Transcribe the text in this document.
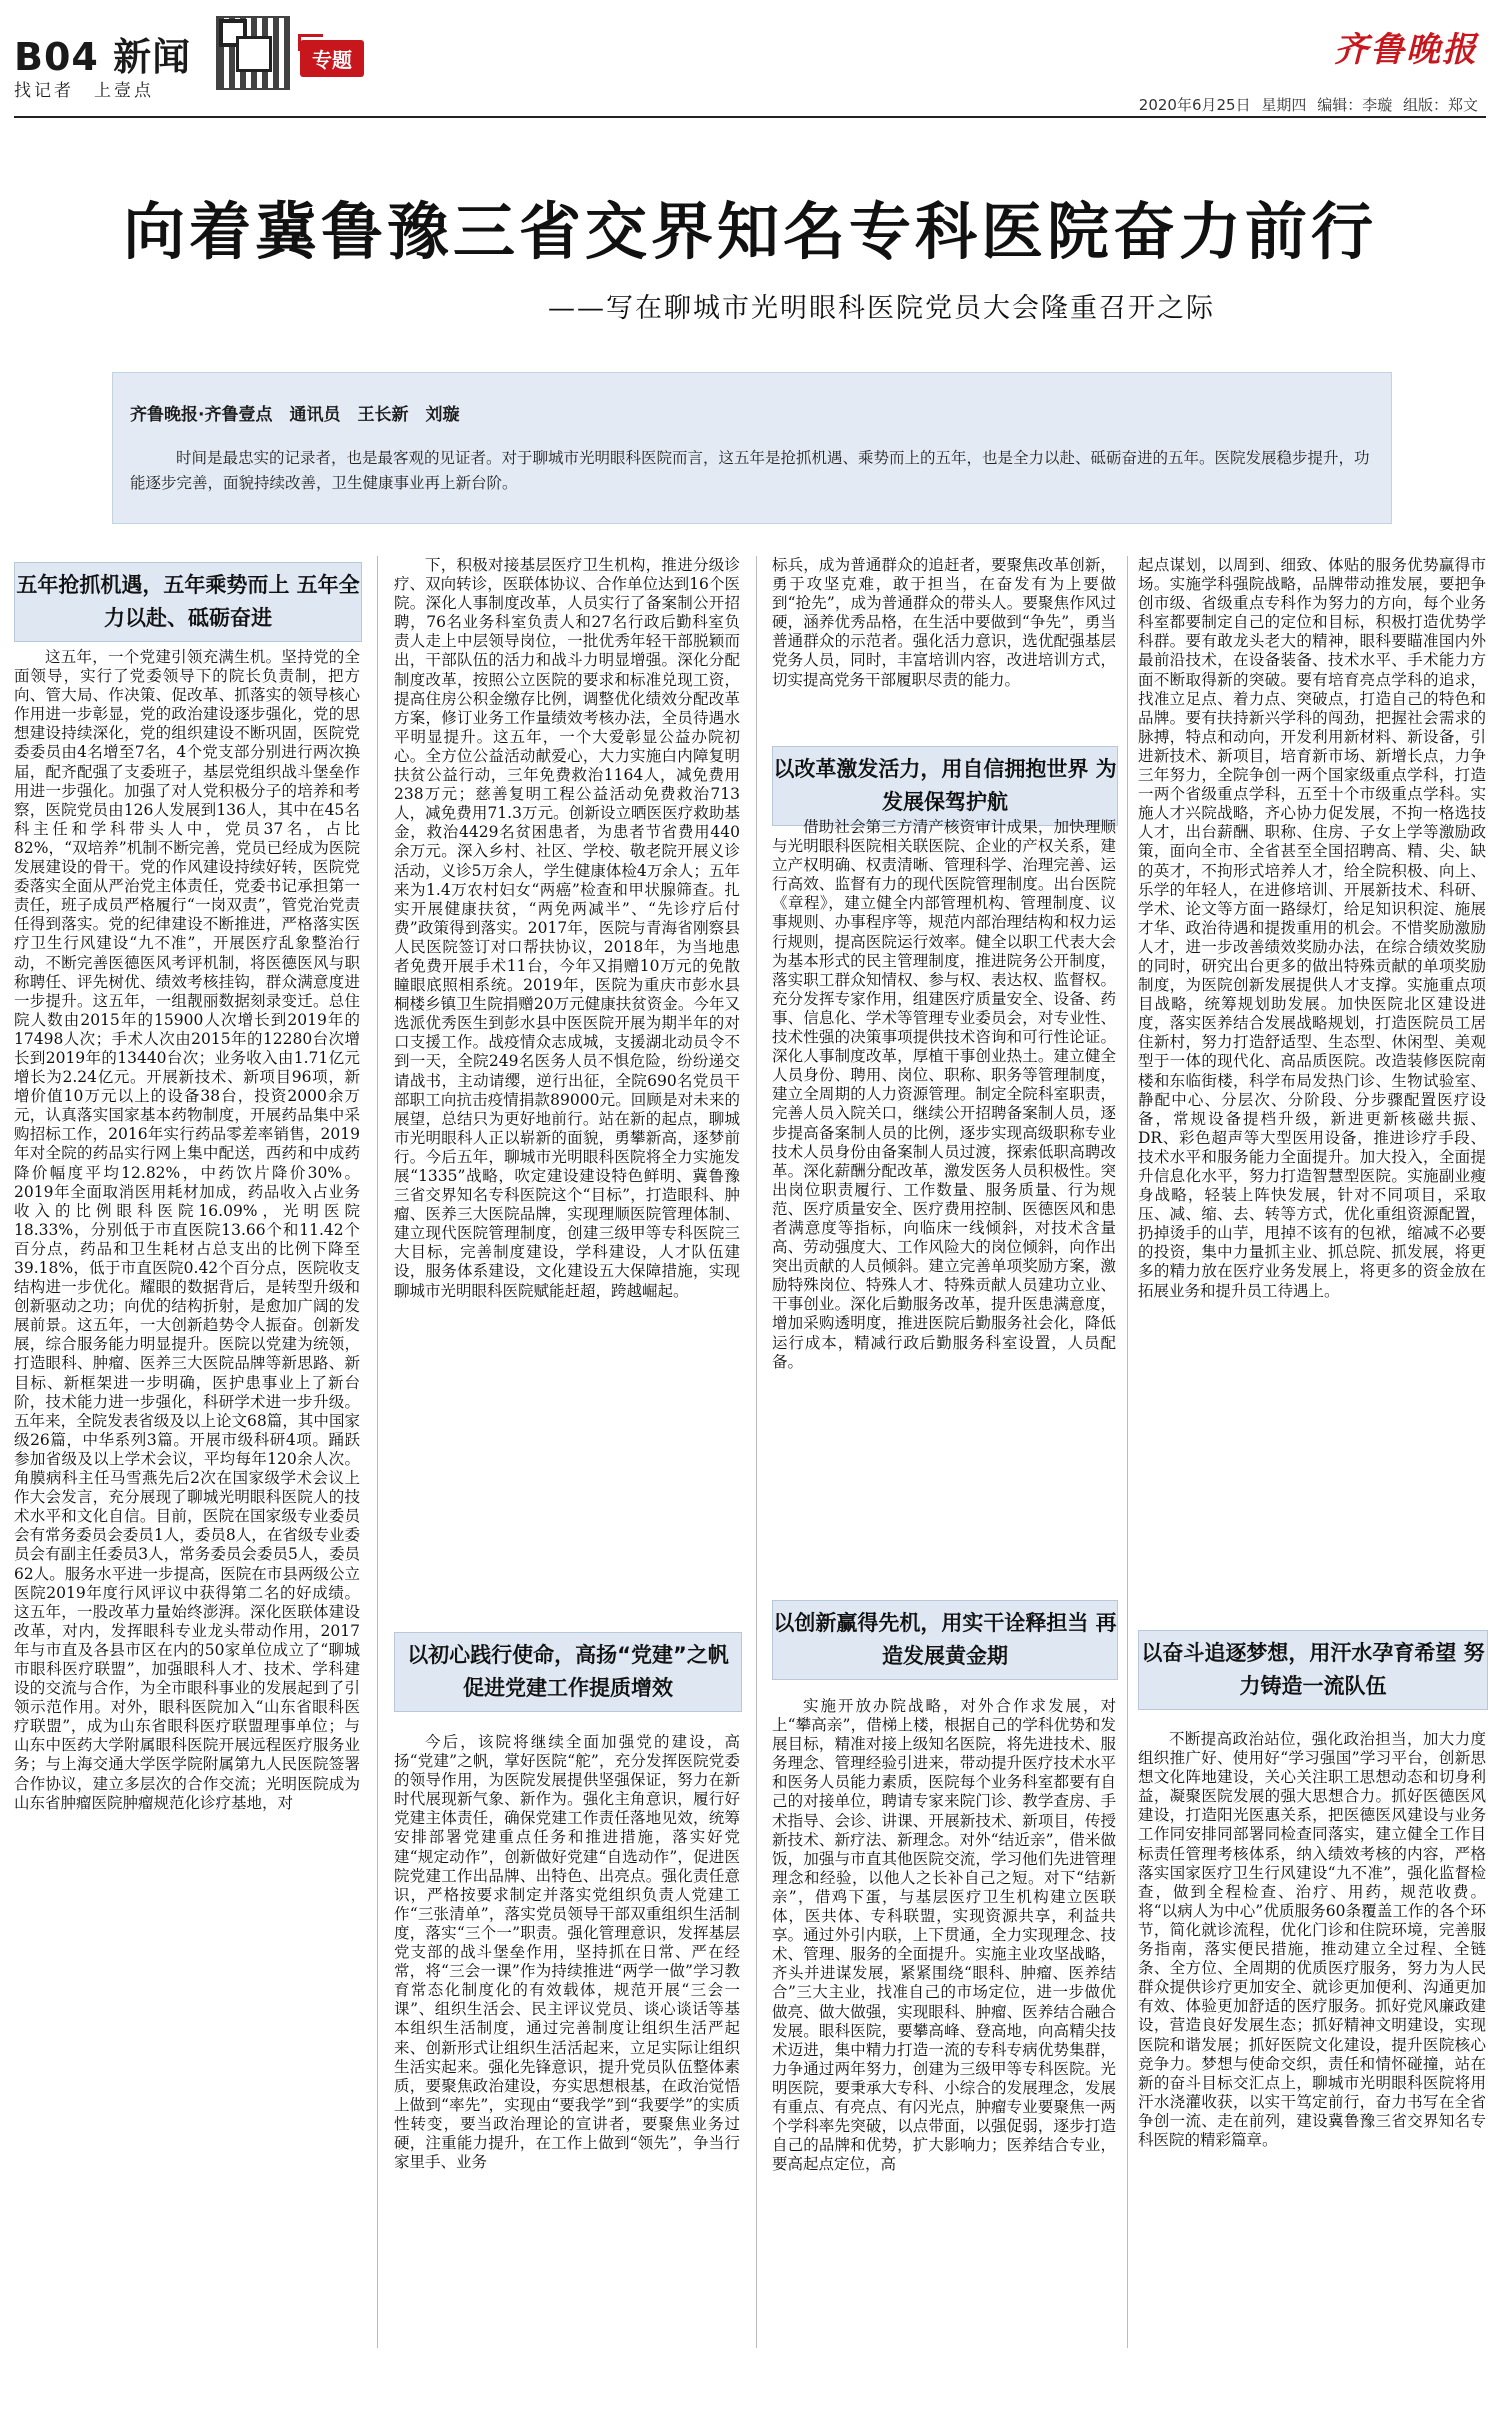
B04 新闻
找记者　上壹点
专题	齐鲁晚报
2020年6月25日 星期四 编辑：李璇 组版：郑文
向着冀鲁豫三省交界知名专科医院奋力前行
——写在聊城市光明眼科医院党员大会隆重召开之际
齐鲁晚报·齐鲁壹点　通讯员　王长新　刘璇
时间是最忠实的记录者，也是最客观的见证者。对于聊城市光明眼科医院而言，这五年是抢抓机遇、乘势而上的五年，也是全力以赴、砥砺奋进的五年。医院发展稳步提升，功能逐步完善，面貌持续改善，卫生健康事业再上新台阶。
五年抢抓机遇，五年乘势而上 五年全力以赴、砥砺奋进
以改革激发活力，用自信拥抱世界 为发展保驾护航
以初心践行使命，高扬“党建”之帆 促进党建工作提质增效
以创新赢得先机，用实干诠释担当 再造发展黄金期	以奋斗追逐梦想，用汗水孕育希望 努力铸造一流队伍

这五年，一个党建引领充满生机。坚持党的全面领导，实行了党委领导下的院长负责制，把方向、管大局、作决策、促改革、抓落实的领导核心作用进一步彰显，党的政治建设逐步强化，党的思想建设持续深化，党的组织建设不断巩固，医院党委委员由4名增至7名，4个党支部分别进行两次换届，配齐配强了支委班子，基层党组织战斗堡垒作用进一步强化。加强了对人党积极分子的培养和考察，医院党员由126人发展到136人，其中在45名科主任和学科带头人中，党员37名，占比82%，“双培养”机制不断完善，党员已经成为医院发展建设的骨干。党的作风建设持续好转，医院党委落实全面从严治党主体责任，党委书记承担第一责任，班子成员严格履行“一岗双责”，管党治党责任得到落实。党的纪律建设不断推进，严格落实医疗卫生行风建设“九不准”，开展医疗乱象整治行动，不断完善医德医风考评机制，将医德医风与职称聘任、评先树优、绩效考核挂钩，群众满意度进一步提升。这五年，一组靓丽数据刻录变迁。总住院人数由2015年的15900人次增长到2019年的17498人次；手术人次由2015年的12280台次增长到2019年的13440台次；业务收入由1.71亿元增长为2.24亿元。开展新技术、新项目96项，新增价值10万元以上的设备38台，投资2000余万元，认真落实国家基本药物制度，开展药品集中采购招标工作，2016年实行药品零差率销售，2019年对全院的药品实行网上集中配送，西药和中成药降价幅度平均12.82%，中药饮片降价30%。2019年全面取消医用耗材加成，药品收入占业务收入的比例眼科医院16.09%，光明医院18.33%，分别低于市直医院13.66个和11.42个百分点，药品和卫生耗材占总支出的比例下降至39.18%，低于市直医院0.42个百分点，医院收支结构进一步优化。耀眼的数据背后，是转型升级和创新驱动之功；向优的结构折射，是愈加广阔的发展前景。这五年，一大创新趋势令人振奋。创新发展，综合服务能力明显提升。医院以党建为统领，打造眼科、肿瘤、医养三大医院品牌等新思路、新目标、新框架进一步明确，医护患事业上了新台阶，技术能力进一步强化，科研学术进一步升级。五年来，全院发表省级及以上论文68篇，其中国家级26篇，中华系列3篇。开展市级科研4项。踊跃参加省级及以上学术会议，平均每年120余人次。角膜病科主任马雪燕先后2次在国家级学术会议上作大会发言，充分展现了聊城光明眼科医院人的技术水平和文化自信。目前，医院在国家级专业委员会有常务委员会委员1人，委员8人，在省级专业委员会有副主任委员3人，常务委员会委员5人，委员62人。服务水平进一步提高，医院在市县两级公立医院2019年度行风评议中获得第二名的好成绩。这五年，一股改革力量始终澎湃。深化医联体建设改革，对内，发挥眼科专业龙头带动作用，2017年与市直及各县市区在内的50家单位成立了“聊城市眼科医疗联盟”，加强眼科人才、技术、学科建设的交流与合作，为全市眼科事业的发展起到了引领示范作用。对外，眼科医院加入“山东省眼科医疗联盟”，成为山东省眼科医疗联盟理事单位；与山东中医药大学附属眼科医院开展远程医疗服务业务；与上海交通大学医学院附属第九人民医院签署合作协议，建立多层次的合作交流；光明医院成为山东省肿瘤医院肿瘤规范化诊疗基地，对

下，积极对接基层医疗卫生机构，推进分级诊疗、双向转诊，医联体协议、合作单位达到16个医院。深化人事制度改革，人员实行了备案制公开招聘，76名业务科室负责人和27名行政后勤科室负责人走上中层领导岗位，一批优秀年轻干部脱颖而出，干部队伍的活力和战斗力明显增强。深化分配制度改革，按照公立医院的要求和标准兑现工资，提高住房公积金缴存比例，调整优化绩效分配改革方案，修订业务工作量绩效考核办法，全员待遇水平明显提升。这五年，一个大爱彰显公益办院初心。全方位公益活动献爱心，大力实施白内障复明扶贫公益行动，三年免费救治1164人，减免费用238万元；慈善复明工程公益活动免费救治713人，减免费用71.3万元。创新设立晒医医疗救助基金，救治4429名贫困患者，为患者节省费用440余万元。深入乡村、社区、学校、敬老院开展义诊活动，义诊5万余人，学生健康体检4万余人；五年来为1.4万农村妇女“两癌”检查和甲状腺筛查。扎实开展健康扶贫，“两免两减半”、“先诊疗后付费”政策得到落实。2017年，医院与青海省刚察县人民医院签订对口帮扶协议，2018年，为当地患者免费开展手术11台，今年又捐赠10万元的免散瞳眼底照相系统。2019年，医院为重庆市彭水县桐楼乡镇卫生院捐赠20万元健康扶贫资金。今年又选派优秀医生到彭水县中医医院开展为期半年的对口支援工作。战疫情众志成城，支援湖北动员令不到一天，全院249名医务人员不惧危险，纷纷递交请战书，主动请缨，逆行出征，全院690名党员干部职工向抗击疫情捐款89000元。回顾是对未来的展望，总结只为更好地前行。站在新的起点，聊城市光明眼科人正以崭新的面貌，勇攀新高，逐梦前行。今后五年，聊城市光明眼科医院将全力实施发展“1335”战略，吹定建设建设特色鲜明、冀鲁豫三省交界知名专科医院这个“目标”，打造眼科、肿瘤、医养三大医院品牌，实现理顺医院管理体制、建立现代医院管理制度，创建三级甲等专科医院三大目标，完善制度建设，学科建设，人才队伍建设，服务体系建设，文化建设五大保障措施，实现聊城市光明眼科医院赋能赶超，跨越崛起。

今后，该院将继续全面加强党的建设，高扬“党建”之帆，掌好医院“舵”，充分发挥医院党委的领导作用，为医院发展提供坚强保证，努力在新时代展现新气象、新作为。强化主角意识，履行好党建主体责任，确保党建工作责任落地见效，统筹安排部署党建重点任务和推进措施，落实好党建“规定动作”，创新做好党建“自选动作”，促进医院党建工作出品牌、出特色、出亮点。强化责任意识，严格按要求制定并落实党组织负责人党建工作“三张清单”，落实党员领导干部双重组织生活制度，落实“三个一”职责。强化管理意识，发挥基层党支部的战斗堡垒作用，坚持抓在日常、严在经常，将“三会一课”作为持续推进“两学一做”学习教育常态化制度化的有效载体，规范开展“三会一课”、组织生活会、民主评议党员、谈心谈话等基本组织生活制度，通过完善制度让组织生活严起来、创新形式让组织生活活起来，立足实际让组织生活实起来。强化先锋意识，提升党员队伍整体素质，要聚焦政治建设，夯实思想根基，在政治觉悟上做到“率先”，实现由“要我学”到“我要学”的实质性转变，要当政治理论的宣讲者，要聚焦业务过硬，注重能力提升，在工作上做到“领先”，争当行家里手、业务

标兵，成为普通群众的追赶者，要聚焦改革创新，勇于攻坚克难，敢于担当，在奋发有为上要做到“抢先”，成为普通群众的带头人。要聚焦作风过硬，涵养优秀品格，在生活中要做到“争先”，勇当普通群众的示范者。强化活力意识，选优配强基层党务人员，同时，丰富培训内容，改进培训方式，切实提高党务干部履职尽责的能力。

借助社会第三方清产核资审计成果，加快理顺与光明眼科医院相关联医院、企业的产权关系，建立产权明确、权责清晰、管理科学、治理完善、运行高效、监督有力的现代医院管理制度。出台医院《章程》，建立健全内部管理机构、管理制度、议事规则、办事程序等，规范内部治理结构和权力运行规则，提高医院运行效率。健全以职工代表大会为基本形式的民主管理制度，推进院务公开制度，落实职工群众知情权、参与权、表达权、监督权。充分发挥专家作用，组建医疗质量安全、设备、药事、信息化、学术等管理专业委员会，对专业性、技术性强的决策事项提供技术咨询和可行性论证。深化人事制度改革，厚植干事创业热土。建立健全人员身份、聘用、岗位、职称、职务等管理制度，建立全周期的人力资源管理。制定全院科室职责，完善人员入院关口，继续公开招聘备案制人员，逐步提高备案制人员的比例，逐步实现高级职称专业技术人员身份由备案制人员过渡，探索低职高聘改革。深化薪酬分配改革，激发医务人员积极性。突出岗位职责履行、工作数量、服务质量、行为规范、医疗质量安全、医疗费用控制、医德医风和患者满意度等指标，向临床一线倾斜，对技术含量高、劳动强度大、工作风险大的岗位倾斜，向作出突出贡献的人员倾斜。建立完善单项奖励方案，激励特殊岗位、特殊人才、特殊贡献人员建功立业、干事创业。深化后勤服务改革，提升医患满意度，增加采购透明度，推进医院后勤服务社会化，降低运行成本，精减行政后勤服务科室设置，人员配备。

实施开放办院战略，对外合作求发展，对上“攀高亲”，借梯上楼，根据自己的学科优势和发展目标，精准对接上级知名医院，将先进技术、服务理念、管理经验引进来，带动提升医疗技术水平和医务人员能力素质，医院每个业务科室都要有自己的对接单位，聘请专家来院门诊、教学查房、手术指导、会诊、讲课、开展新技术、新项目，传授新技术、新疗法、新理念。对外“结近亲”，借米做饭，加强与市直其他医院交流，学习他们先进管理理念和经验，以他人之长补自己之短。对下“结新亲”，借鸡下蛋，与基层医疗卫生机构建立医联体，医共体、专科联盟，实现资源共享，利益共享。通过外引内联，上下贯通，全力实现理念、技术、管理、服务的全面提升。实施主业攻坚战略，齐头并进谋发展，紧紧围绕“眼科、肿瘤、医养结合”三大主业，找准自己的市场定位，进一步做优做亮、做大做强，实现眼科、肿瘤、医养结合融合发展。眼科医院，要攀高峰、登高地，向高精尖技术迈进，集中精力打造一流的专科专病优势集群，力争通过两年努力，创建为三级甲等专科医院。光明医院，要秉承大专科、小综合的发展理念，发展有重点、有亮点、有闪光点，肿瘤专业要聚焦一两个学科率先突破，以点带面，以强促弱，逐步打造自己的品牌和优势，扩大影响力；医养结合专业，要高起点定位，高

起点谋划，以周到、细致、体贴的服务优势赢得市场。实施学科强院战略，品牌带动推发展，要把争创市级、省级重点专科作为努力的方向，每个业务科室都要制定自己的定位和目标，积极打造优势学科群。要有敢龙头老大的精神，眼科要瞄准国内外最前沿技术，在设备装备、技术水平、手术能力方面不断取得新的突破。要有培育亮点学科的追求，找准立足点、着力点、突破点，打造自己的特色和品牌。要有扶持新兴学科的闯劲，把握社会需求的脉搏，特点和动向，开发利用新材料、新设备，引进新技术、新项目，培育新市场、新增长点，力争三年努力，全院争创一两个国家级重点学科，打造一两个省级重点学科，五至十个市级重点学科。实施人才兴院战略，齐心协力促发展，不拘一格选技人才，出台薪酬、职称、住房、子女上学等激励政策，面向全市、全省甚至全国招聘高、精、尖、缺的英才，不拘形式培养人才，给全院积极、向上、乐学的年轻人，在进修培训、开展新技术、科研、学术、论文等方面一路绿灯，给足知识积淀、施展才华、政治待遇和提拨重用的机会。不惜奖励激励人才，进一步改善绩效奖励办法，在综合绩效奖励的同时，研究出台更多的做出特殊贡献的单项奖励制度，为医院创新发展提供人才支撑。实施重点项目战略，统筹规划助发展。加快医院北区建设进度，落实医养结合发展战略规划，打造医院员工居住新村，努力打造舒适型、生态型、休闲型、美观型于一体的现代化、高品质医院。改造装修医院南楼和东临街楼，科学布局发热门诊、生物试验室、静配中心、分层次、分阶段、分步骤配置医疗设备，常规设备提档升级，新进更新核磁共振、DR、彩色超声等大型医用设备，推进诊疗手段、技术水平和服务能力全面提升。加大投入，全面提升信息化水平，努力打造智慧型医院。实施副业瘦身战略，轻装上阵快发展，针对不同项目，采取压、减、缩、去、转等方式，优化重组资源配置，扔掉烫手的山芋，甩掉不该有的包袱，缩减不必要的投资，集中力量抓主业、抓总院、抓发展，将更多的精力放在医疗业务发展上，将更多的资金放在拓展业务和提升员工待遇上。

不断提高政治站位，强化政治担当，加大力度组织推广好、使用好“学习强国”学习平台，创新思想文化阵地建设，关心关注职工思想动态和切身利益，凝聚医院发展的强大思想合力。抓好医德医风建设，打造阳光医惠关系，把医德医风建设与业务工作同安排同部署同检查同落实，建立健全工作目标责任管理考核体系，纳入绩效考核的内容，严格落实国家医疗卫生行风建设“九不准”，强化监督检查，做到全程检查、治疗、用药，规范收费。将“以病人为中心”优质服务60条覆盖工作的各个环节，简化就诊流程，优化门诊和住院环境，完善服务指南，落实便民措施，推动建立全过程、全链条、全方位、全周期的优质医疗服务，努力为人民群众提供诊疗更加安全、就诊更加便利、沟通更加有效、体验更加舒适的医疗服务。抓好党风廉政建设，营造良好发展生态；抓好精神文明建设，实现医院和谐发展；抓好医院文化建设，提升医院核心竞争力。梦想与使命交织，责任和情怀碰撞，站在新的奋斗目标交汇点上，聊城市光明眼科医院将用汗水浇灌收获，以实干笃定前行，奋力书写在全省争创一流、走在前列，建设冀鲁豫三省交界知名专科医院的精彩篇章。
